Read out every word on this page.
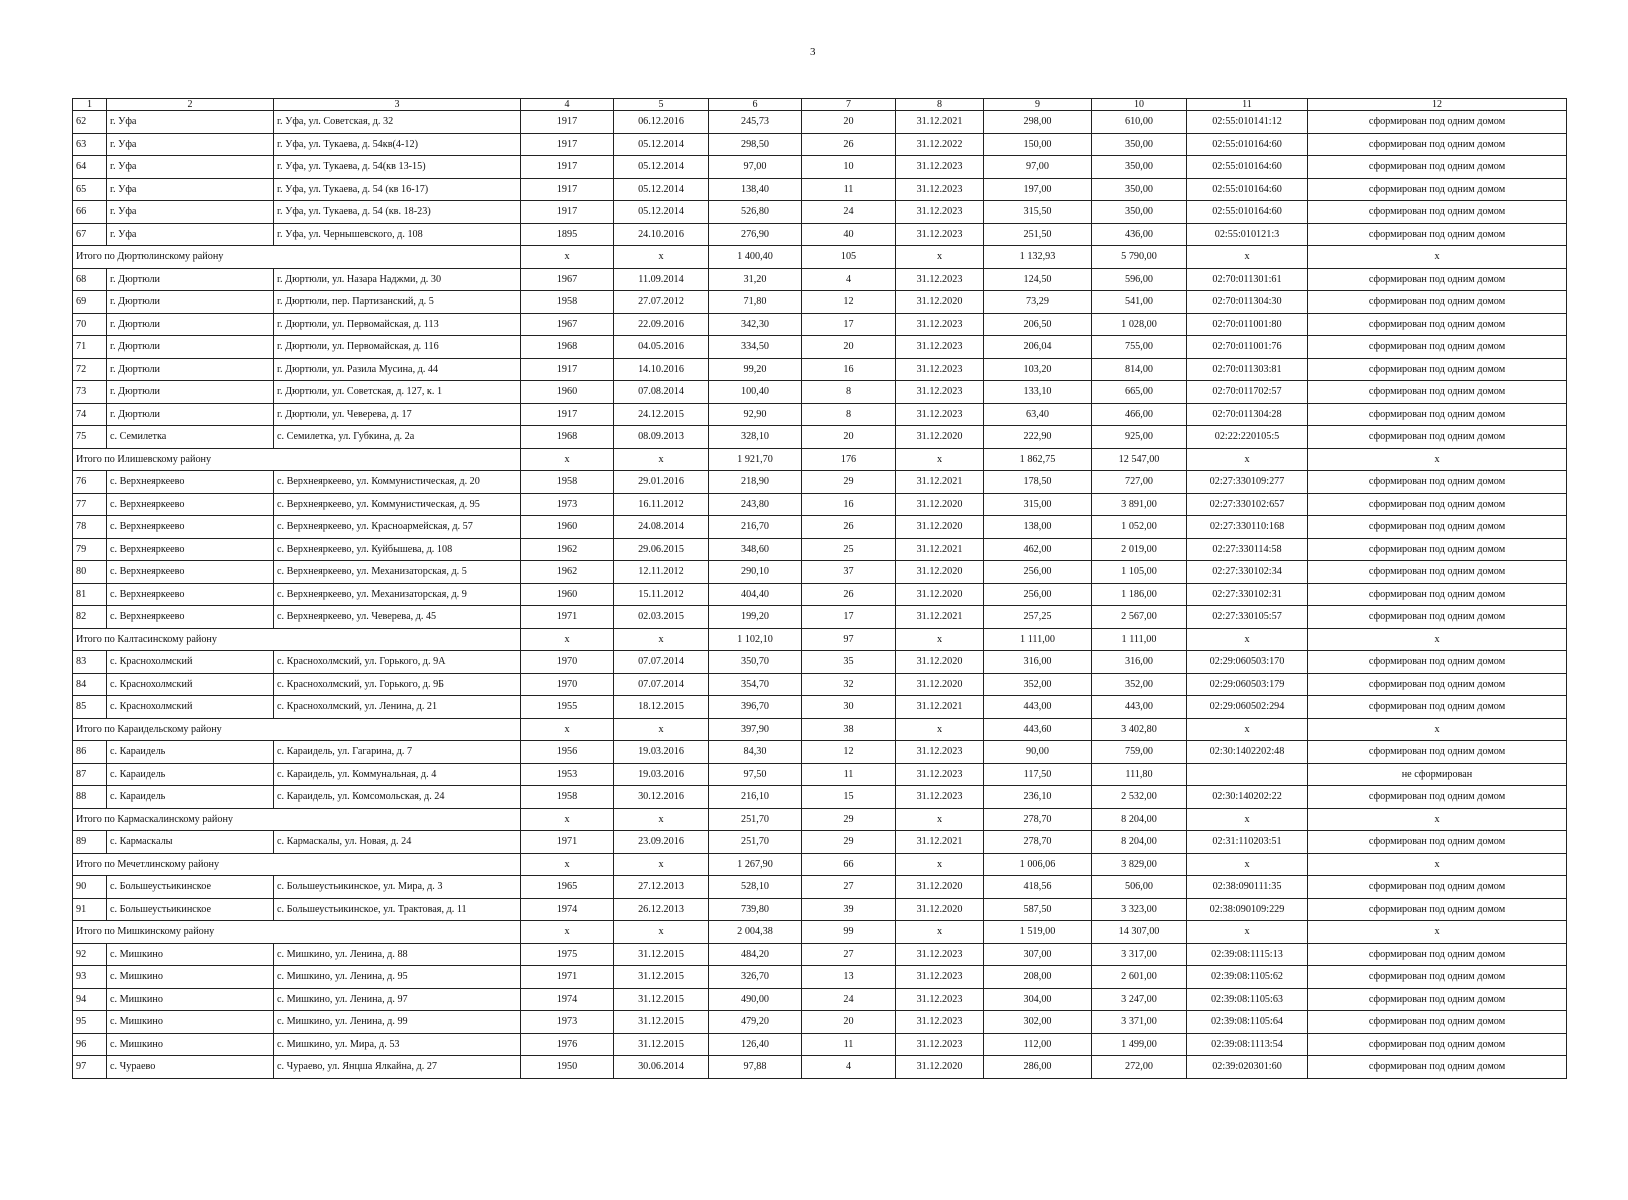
3
1	2	3	4	5	6	7	8	9	10	11	12
62	г. Уфа	г. Уфа, ул. Советская, д. 32	1917	06.12.2016	245,73	20	31.12.2021	298,00	610,00	02:55:010141:12	сформирован под одним домом
63	г. Уфа	г. Уфа, ул. Тукаева, д. 54кв(4-12)	1917	05.12.2014	298,50	26	31.12.2022	150,00	350,00	02:55:010164:60	сформирован под одним домом
64	г. Уфа	г. Уфа, ул. Тукаева, д. 54(кв 13-15)	1917	05.12.2014	97,00	10	31.12.2023	97,00	350,00	02:55:010164:60	сформирован под одним домом
65	г. Уфа	г. Уфа, ул. Тукаева, д. 54 (кв 16-17)	1917	05.12.2014	138,40	11	31.12.2023	197,00	350,00	02:55:010164:60	сформирован под одним домом
66	г. Уфа	г. Уфа, ул. Тукаева, д. 54 (кв. 18-23)	1917	05.12.2014	526,80	24	31.12.2023	315,50	350,00	02:55:010164:60	сформирован под одним домом
67	г. Уфа	г. Уфа, ул. Чернышевского, д. 108	1895	24.10.2016	276,90	40	31.12.2023	251,50	436,00	02:55:010121:3	сформирован под одним домом
Итого по Дюртюлинскому району			x	x	1 400,40	105	x	1 132,93	5 790,00	x	x
68	г. Дюртюли	г. Дюртюли, ул. Назара Наджми, д. 30	1967	11.09.2014	31,20	4	31.12.2023	124,50	596,00	02:70:011301:61	сформирован под одним домом
69	г. Дюртюли	г. Дюртюли, пер. Партизанский, д. 5	1958	27.07.2012	71,80	12	31.12.2020	73,29	541,00	02:70:011304:30	сформирован под одним домом
70	г. Дюртюли	г. Дюртюли, ул. Первомайская, д. 113	1967	22.09.2016	342,30	17	31.12.2023	206,50	1 028,00	02:70:011001:80	сформирован под одним домом
71	г. Дюртюли	г. Дюртюли, ул. Первомайская, д. 116	1968	04.05.2016	334,50	20	31.12.2023	206,04	755,00	02:70:011001:76	сформирован под одним домом
72	г. Дюртюли	г. Дюртюли, ул. Разила Мусина, д. 44	1917	14.10.2016	99,20	16	31.12.2023	103,20	814,00	02:70:011303:81	сформирован под одним домом
73	г. Дюртюли	г. Дюртюли, ул. Советская, д. 127, к. 1	1960	07.08.2014	100,40	8	31.12.2023	133,10	665,00	02:70:011702:57	сформирован под одним домом
74	г. Дюртюли	г. Дюртюли, ул. Чеверева, д. 17	1917	24.12.2015	92,90	8	31.12.2023	63,40	466,00	02:70:011304:28	сформирован под одним домом
75	с. Семилетка	с. Семилетка, ул. Губкина, д. 2а	1968	08.09.2013	328,10	20	31.12.2020	222,90	925,00	02:22:220105:5	сформирован под одним домом
Итого по Илишевскому району			x	x	1 921,70	176	x	1 862,75	12 547,00	x	x
76	с. Верхнеяркеево	с. Верхнеяркеево, ул. Коммунистическая, д. 20	1958	29.01.2016	218,90	29	31.12.2021	178,50	727,00	02:27:330109:277	сформирован под одним домом
77	с. Верхнеяркеево	с. Верхнеяркеево, ул. Коммунистическая, д. 95	1973	16.11.2012	243,80	16	31.12.2020	315,00	3 891,00	02:27:330102:657	сформирован под одним домом
78	с. Верхнеяркеево	с. Верхнеяркеево, ул. Красноармейская, д. 57	1960	24.08.2014	216,70	26	31.12.2020	138,00	1 052,00	02:27:330110:168	сформирован под одним домом
79	с. Верхнеяркеево	с. Верхнеяркеево, ул. Куйбышева, д. 108	1962	29.06.2015	348,60	25	31.12.2021	462,00	2 019,00	02:27:330114:58	сформирован под одним домом
80	с. Верхнеяркеево	с. Верхнеяркеево, ул. Механизаторская, д. 5	1962	12.11.2012	290,10	37	31.12.2020	256,00	1 105,00	02:27:330102:34	сформирован под одним домом
81	с. Верхнеяркеево	с. Верхнеяркеево, ул. Механизаторская, д. 9	1960	15.11.2012	404,40	26	31.12.2020	256,00	1 186,00	02:27:330102:31	сформирован под одним домом
82	с. Верхнеяркеево	с. Верхнеяркеево, ул. Чеверева, д. 45	1971	02.03.2015	199,20	17	31.12.2021	257,25	2 567,00	02:27:330105:57	сформирован под одним домом
Итого по Калтасинскому району			x	x	1 102,10	97	x	1 111,00	1 111,00	x	x
83	с. Краснохолмский	с. Краснохолмский, ул. Горького, д. 9А	1970	07.07.2014	350,70	35	31.12.2020	316,00	316,00	02:29:060503:170	сформирован под одним домом
84	с. Краснохолмский	с. Краснохолмский, ул. Горького, д. 9Б	1970	07.07.2014	354,70	32	31.12.2020	352,00	352,00	02:29:060503:179	сформирован под одним домом
85	с. Краснохолмский	с. Краснохолмский, ул. Ленина, д. 21	1955	18.12.2015	396,70	30	31.12.2021	443,00	443,00	02:29:060502:294	сформирован под одним домом
Итого по Карaидельскому району			x	x	397,90	38	x	443,60	3 402,80	x	x
86	с. Караидель	с. Караидель, ул. Гагарина, д. 7	1956	19.03.2016	84,30	12	31.12.2023	90,00	759,00	02:30:1402202:48	сформирован под одним домом
87	с. Караидель	с. Караидель, ул. Коммунальная, д. 4	1953	19.03.2016	97,50	11	31.12.2023	117,50	111,80		не сформирован
88	с. Караидель	с. Караидель, ул. Комсомольская, д. 24	1958	30.12.2016	216,10	15	31.12.2023	236,10	2 532,00	02:30:140202:22	сформирован под одним домом
Итого по Кармаскалинскому району			x	x	251,70	29	x	278,70	8 204,00	x	x
89	с. Кармаскалы	с. Кармаскалы, ул. Новая, д. 24	1971	23.09.2016	251,70	29	31.12.2021	278,70	8 204,00	02:31:110203:51	сформирован под одним домом
Итого по Мечетлинскому району			x	x	1 267,90	66	x	1 006,06	3 829,00	x	x
90	с. Большеустьикинское	с. Большеустьикинское, ул. Мира, д. 3	1965	27.12.2013	528,10	27	31.12.2020	418,56	506,00	02:38:090111:35	сформирован под одним домом
91	с. Большеустьикинское	с. Большеустьикинское, ул. Трактовая, д. 11	1974	26.12.2013	739,80	39	31.12.2020	587,50	3 323,00	02:38:090109:229	сформирован под одним домом
Итого по Мишкинскому району			x	x	2 004,38	99	x	1 519,00	14 307,00	x	x
92	с. Мишкино	с. Мишкино, ул. Ленина, д. 88	1975	31.12.2015	484,20	27	31.12.2023	307,00	3 317,00	02:39:08:1115:13	сформирован под одним домом
93	с. Мишкино	с. Мишкино, ул. Ленина, д. 95	1971	31.12.2015	326,70	13	31.12.2023	208,00	2 601,00	02:39:08:1105:62	сформирован под одним домом
94	с. Мишкино	с. Мишкино, ул. Ленина, д. 97	1974	31.12.2015	490,00	24	31.12.2023	304,00	3 247,00	02:39:08:1105:63	сформирован под одним домом
95	с. Мишкино	с. Мишкино, ул. Ленина, д. 99	1973	31.12.2015	479,20	20	31.12.2023	302,00	3 371,00	02:39:08:1105:64	сформирован под одним домом
96	с. Мишкино	с. Мишкино, ул. Мира, д. 53	1976	31.12.2015	126,40	11	31.12.2023	112,00	1 499,00	02:39:08:1113:54	сформирован под одним домом
97	с. Чураево	с. Чураево, ул. Янцша Ялкайна, д. 27	1950	30.06.2014	97,88	4	31.12.2020	286,00	272,00	02:39:020301:60	сформирован под одним домом
